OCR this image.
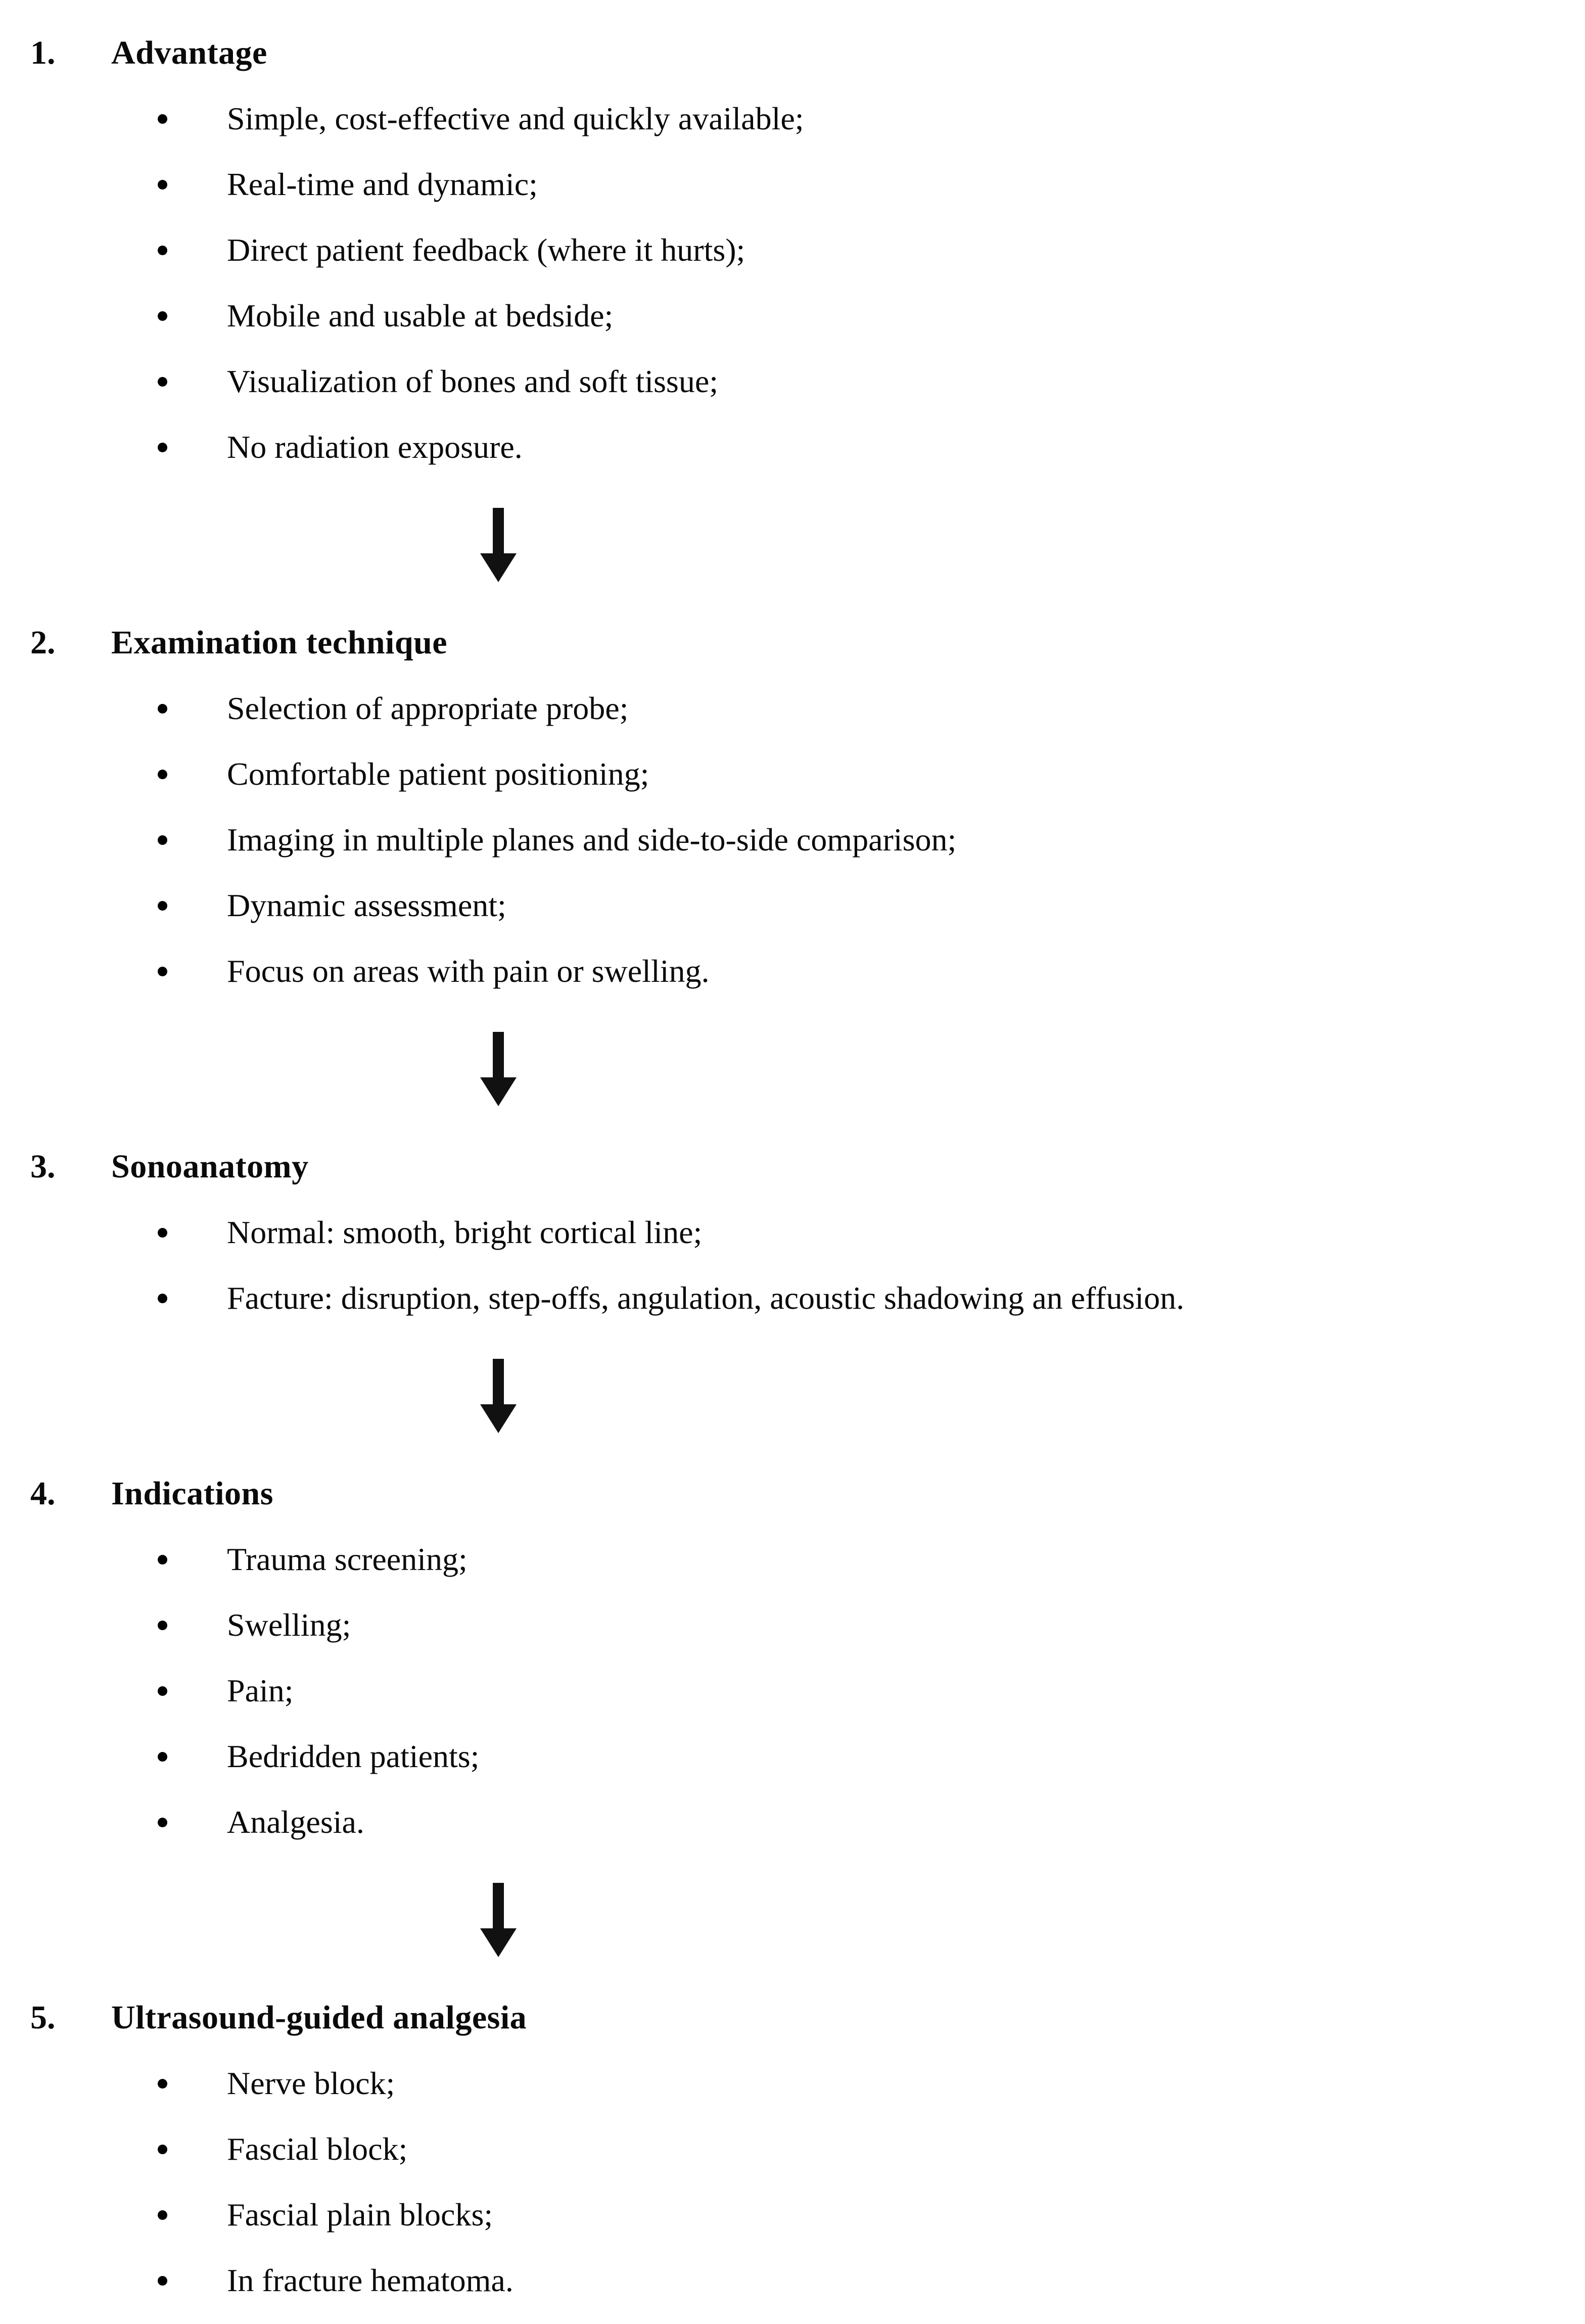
1.	Advantage
Simple, cost-effective and quickly available;
Real-time and dynamic;
Direct patient feedback (where it hurts);
Mobile and usable at bedside;
Visualization of bones and soft tissue;
No radiation exposure.
2.	Examination technique
Selection of appropriate probe;
Comfortable patient positioning;
Imaging in multiple planes and side-to-side comparison;
Dynamic assessment;
Focus on areas with pain or swelling.
3.	Sonoanatomy
Normal: smooth, bright cortical line;
Facture: disruption, step-offs, angulation, acoustic shadowing an effusion.
4.	Indications
Trauma screening;
Swelling;
Pain;
Bedridden patients;
Analgesia.
5.	Ultrasound-guided analgesia
Nerve block;
Fascial block;
Fascial plain blocks;
In fracture hematoma.
